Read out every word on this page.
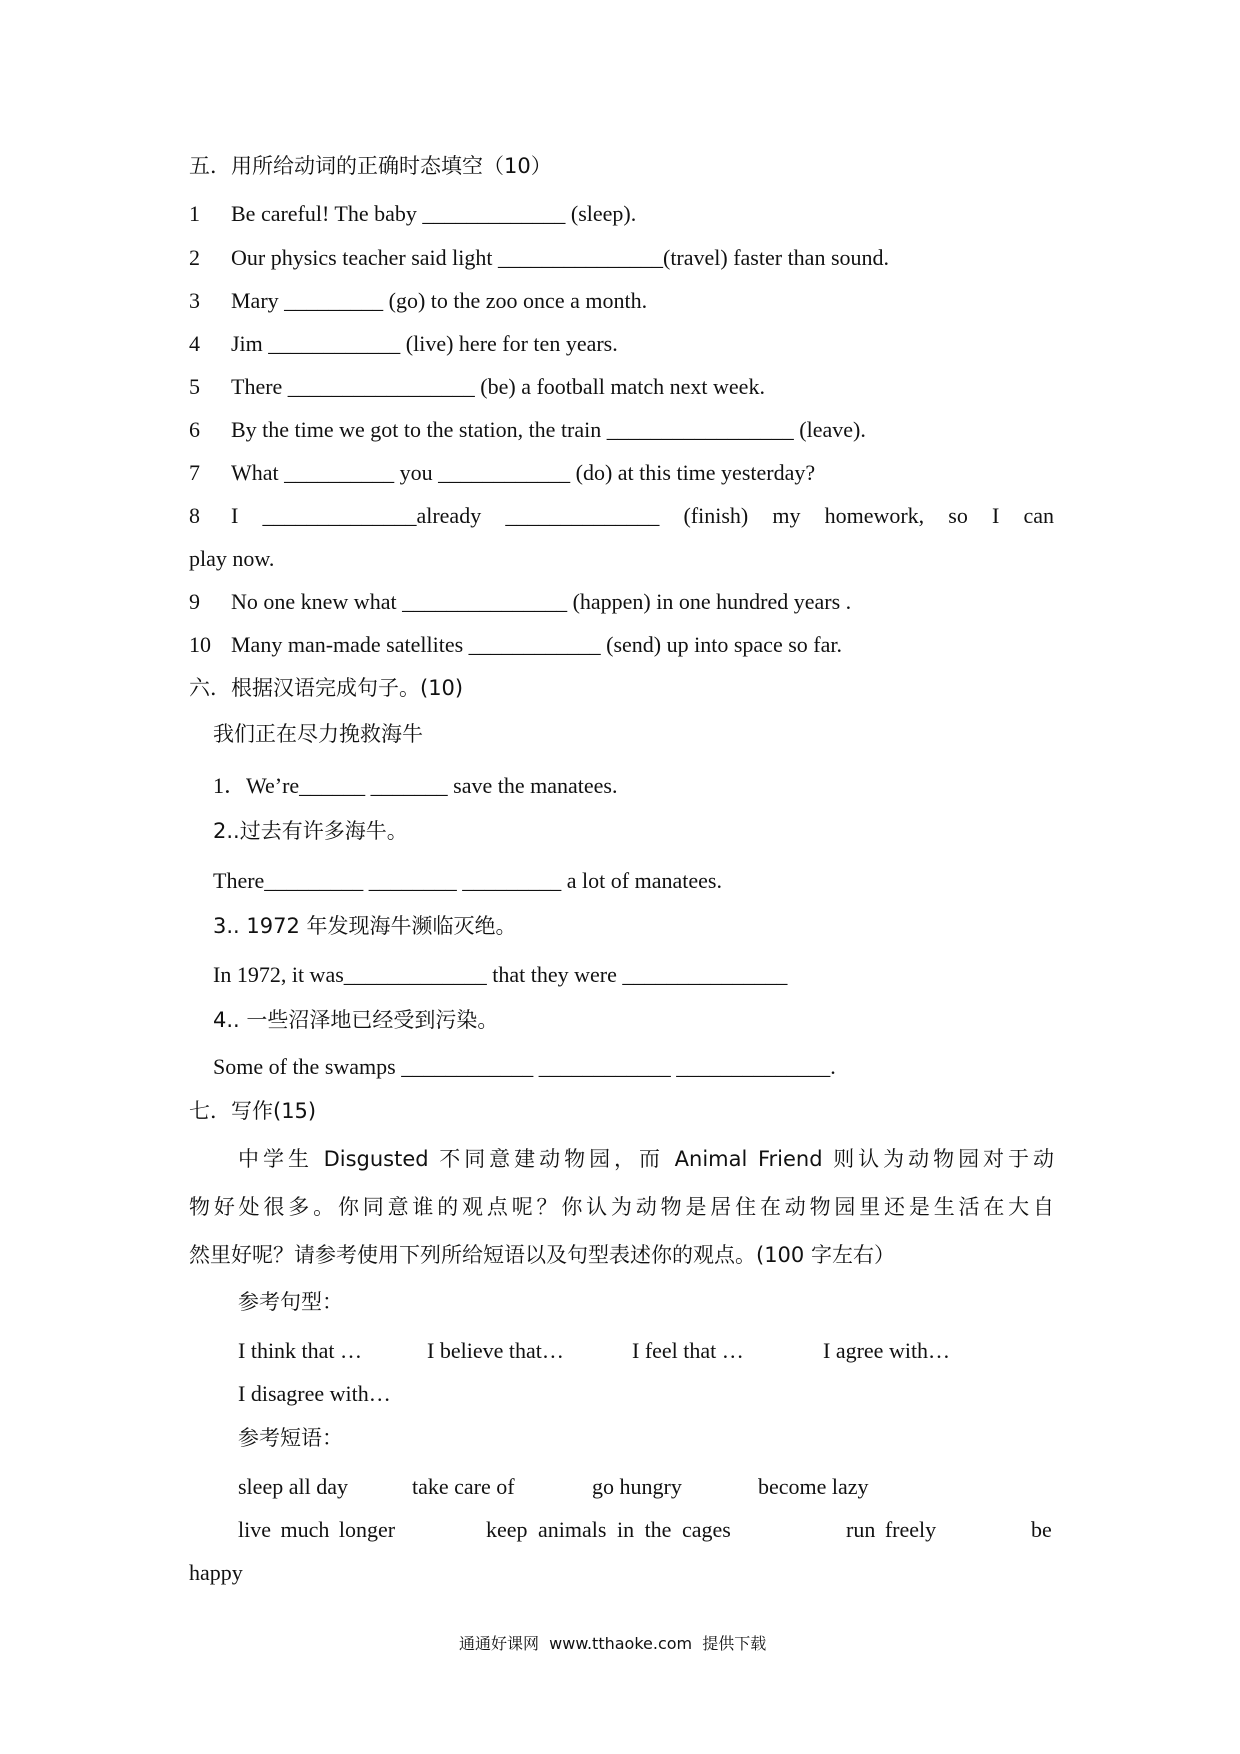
五．用所给动词的正确时态填空（10）
1 Be careful! The baby _____________ (sleep).
2 Our physics teacher said light _______________(travel) faster than sound.
3 Mary _________ (go) to the zoo once a month.
4 Jim ____________ (live) here for ten years.
5 There _________________ (be) a football match next week.
6 By the time we got to the station, the train _________________ (leave).
7 What __________ you ____________ (do) at this time yesterday?
8 I ______________already ______________ (finish) my homework, so I can
play now.
9 No one knew what _______________ (happen) in one hundred years .
10 Many man-made satellites ____________ (send) up into space so far.
六．根据汉语完成句子。(10)
我们正在尽力挽救海牛
1．We’re______ _______ save the manatees.
2..过去有许多海牛。
There_________ ________ _________ a lot of manatees.
3.. 1972 年发现海牛濒临灭绝。
In 1972, it was_____________ that they were _______________
4.. 一些沼泽地已经受到污染。
Some of the swamps ____________ ____________ ______________.
七．写作(15)
中学生 Disgusted 不同意建动物园，而 Animal Friend 则认为动物园对于动
物好处很多。你同意谁的观点呢？你认为动物是居住在动物园里还是生活在大自
然里好呢？请参考使用下列所给短语以及句型表述你的观点。(100 字左右）
参考句型：
I think that …	I believe that…	I feel that …	I agree with…
I disagree with…
参考短语：
sleep all day	take care of	go hungry	become lazy
live much longer	keep animals in the cages	run freely	be
happy
通通好课网  www.tthaoke.com  提供下载
